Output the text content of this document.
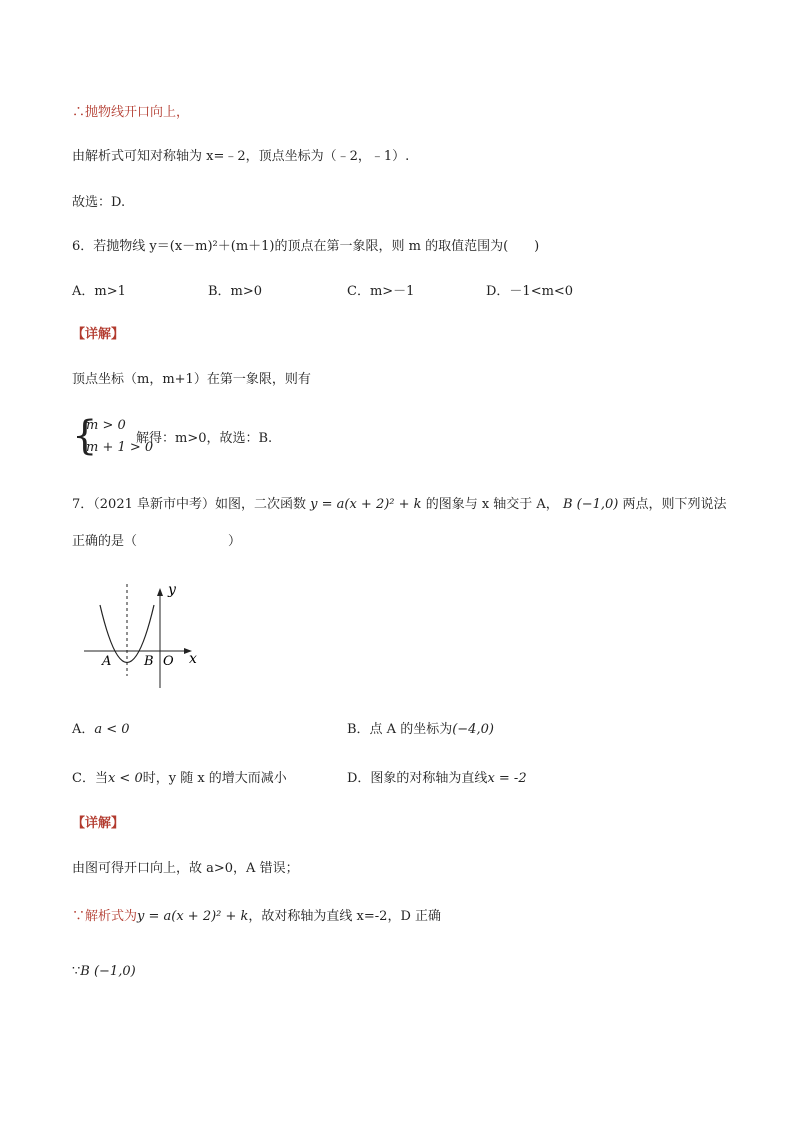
∴抛物线开口向上，
由解析式可知对称轴为 x=﹣2，顶点坐标为（﹣2，﹣1）.
故选：D.
6．若抛物线 y＝(x－m)²＋(m＋1)的顶点在第一象限，则 m 的取值范围为(　　)
A．m>1	B．m>0	C．m>－1	D．－1<m<0
【详解】
顶点坐标（m，m+1）在第一象限，则有
{
m > 0
m + 1 > 0
解得：m>0，故选：B.
7．（2021 阜新市中考）如图，二次函数 y = a(x + 2)² + k 的图象与 x 轴交于 A， B (−1,0) 两点，则下列说法
正确的是（　　　　　　　）
y
x
A	B O
A．a < 0	B．点 A 的坐标为(−4,0)
C．当x < 0时，y 随 x 的增大而减小	D．图象的对称轴为直线x = -2
【详解】
由图可得开口向上，故 a>0，A 错误；
∵解析式为y = a(x + 2)² + k，故对称轴为直线 x=-2，D 正确
∵B (−1,0)
